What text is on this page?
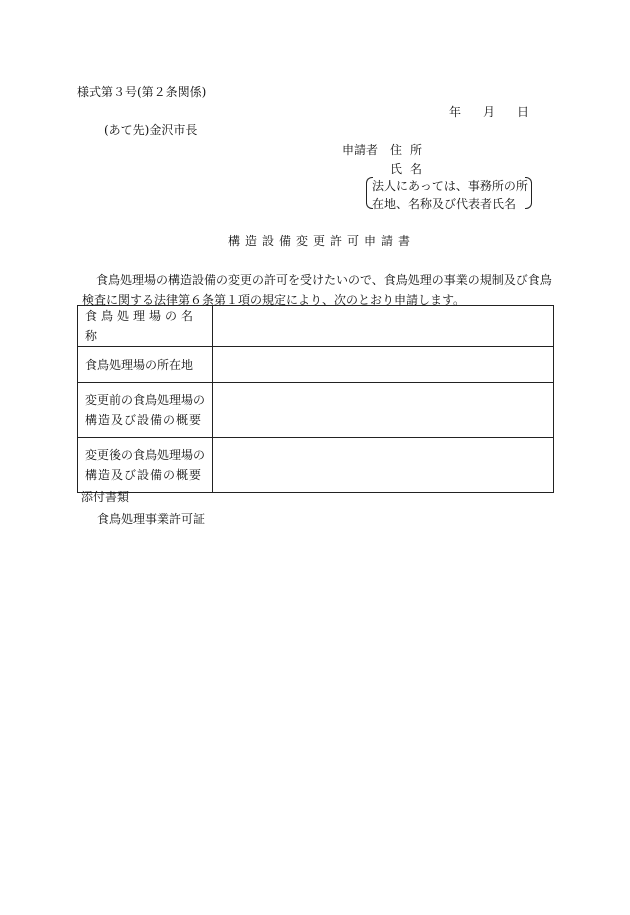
様式第３号(第２条関係)
年 月 日
(あて先)金沢市長
申請者 住所
氏名
法人にあっては、事務所の所
在地、名称及び代表者氏名
構造設備変更許可申請書
食鳥処理場の構造設備の変更の許可を受けたいので、食鳥処理の事業の規制及び食鳥検査に関する法律第６条第１項の規定により、次のとおり申請します。
食鳥処理場の名称	
食鳥処理場の所在地	

変更前の食鳥処理場の
構造及び設備の概要	

変更後の食鳥処理場の
構造及び設備の概要	

添付書類
食鳥処理事業許可証
